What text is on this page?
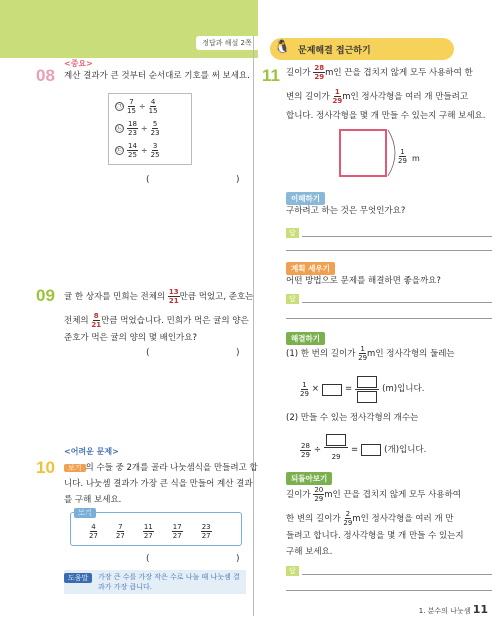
정답과 해설 2쪽
<중요>
08 계산 결과가 큰 것부터 순서대로 기호를 써 보세요.
㉠ $\frac{7}{15} \div \frac{4}{15}$
㉡ $\frac{18}{23} \div \frac{5}{23}$
㉢ $\frac{14}{25} \div \frac{3}{25}$
(	)
09 귤 한 상자를 민희는 전체의 $\frac{13}{21}$ 만큼 먹었고, 준호는
전체의 $\frac{8}{21}$ 만큼 먹었습니다. 민희가 먹은 귤의 양은
준호가 먹은 귤의 양의 몇 배인가요?
(	)
<어려운 문제>
10	보기 의 수들 중 2개를 골라 나눗셈식을 만들려고 합
니다. 나눗셈 결과가 가장 큰 식을 만들어 계산 결과
를 구해 보세요.
보기
$\frac{4}{27}$	$\frac{7}{27}$	$\frac{11}{27}$	$\frac{17}{27}$	$\frac{23}{27}$
(	)
도움말	가장 큰 수를 가장 작은 수로 나눌 때 나눗셈 결과가 가장 큽니다.
🐧 문제해결 접근하기
11 길이가 $\frac{28}{29}$ m인 끈을 겹치지 않게 모두 사용하여 한
변의 길이가 $\frac{1}{29}$ m인 정사각형을 여러 개 만들려고
합니다. 정사각형을 몇 개 만들 수 있는지 구해 보세요.
$\frac{1}{29}$ m
이해하기
구하려고 하는 것은 무엇인가요?
답
계획 세우기
어떤 방법으로 문제를 해결하면 좋을까요?
답
해결하기
(1) 한 번의 길이가 $\frac{1}{29}$ m인 정사각형의 둘레는
$\frac{1}{29}$ ×	=	(m)입니다.
(2) 만들 수 있는 정사각형의 개수는
$\frac{28}{29}$ ÷
29
=	(개)입니다.
되돌아보기
길이가 $\frac{20}{29}$ m인 끈을 겹치지 않게 모두 사용하여
한 변의 길이가 $\frac{2}{29}$ m인 정사각형을 여러 개 만
들려고 합니다. 정사각형을 몇 개 만들 수 있는지
구해 보세요.
답
1. 분수의 나눗셈 11
